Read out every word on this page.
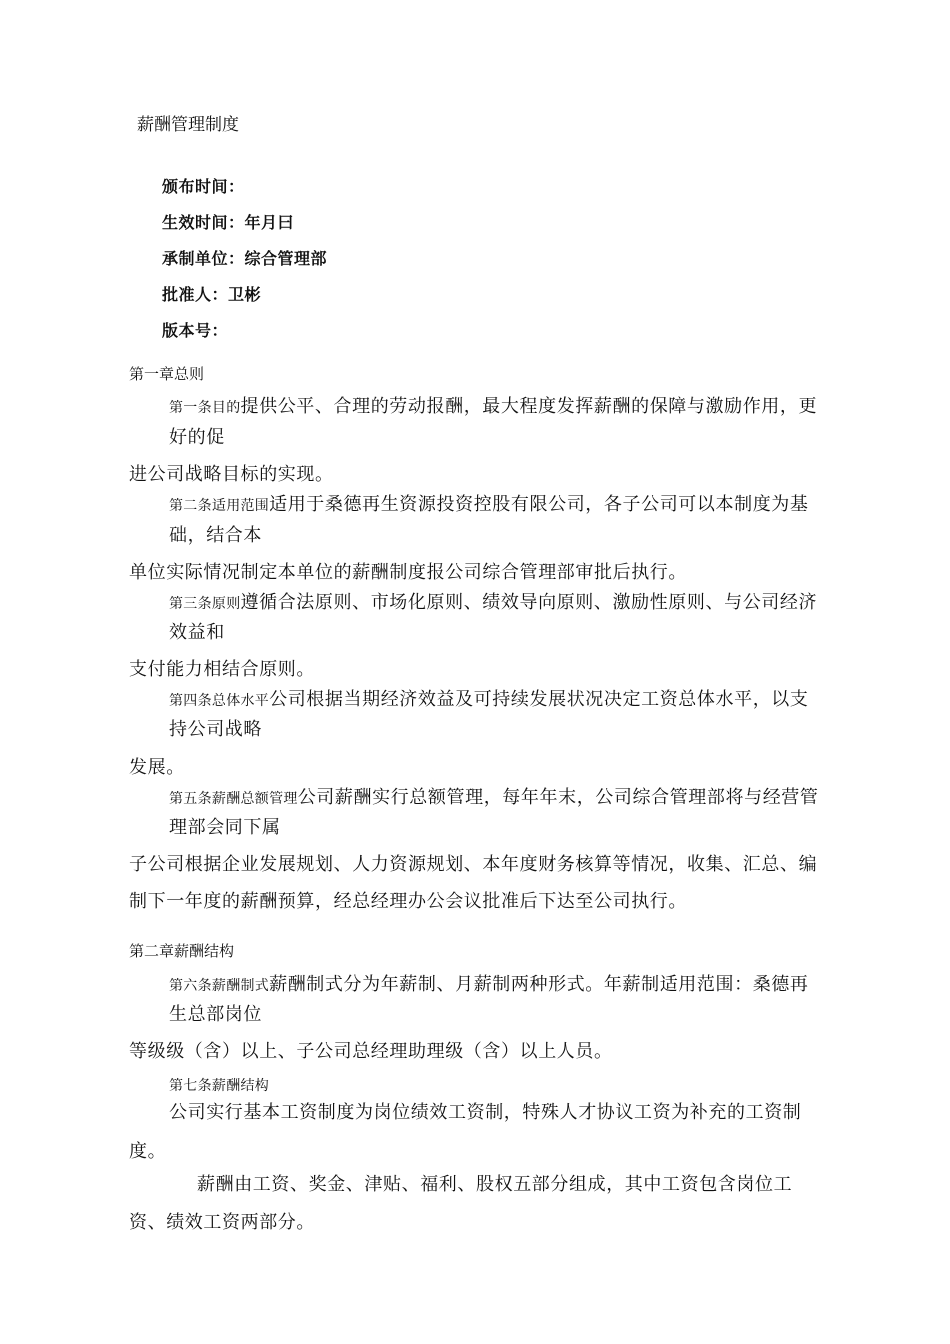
薪酬管理制度
颁布时间：
生效时间：年月曰
承制单位：综合管理部
批准人：卫彬
版本号：
第一章总则
第一条目的提供公平、合理的劳动报酬，最大程度发挥薪酬的保障与激励作用，更
好的促
进公司战略目标的实现。
第二条适用范围适用于桑德再生资源投资控股有限公司，各子公司可以本制度为基
础，结合本
单位实际情况制定本单位的薪酬制度报公司综合管理部审批后执行。
第三条原则遵循合法原则、市场化原则、绩效导向原则、激励性原则、与公司经济
效益和
支付能力相结合原则。
第四条总体水平公司根据当期经济效益及可持续发展状况决定工资总体水平，以支
持公司战略
发展。
第五条薪酬总额管理公司薪酬实行总额管理，每年年末，公司综合管理部将与经营管
理部会同下属
子公司根据企业发展规划、人力资源规划、本年度财务核算等情况，收集、汇总、编
制下一年度的薪酬预算，经总经理办公会议批准后下达至公司执行。
第二章薪酬结构
第六条薪酬制式薪酬制式分为年薪制、月薪制两种形式。年薪制适用范围：桑德再
生总部岗位
等级级（含）以上、子公司总经理助理级（含）以上人员。
第七条薪酬结构
公司实行基本工资制度为岗位绩效工资制，特殊人才协议工资为补充的工资制
度。
薪酬由工资、奖金、津贴、福利、股权五部分组成，其中工资包含岗位工
资、绩效工资两部分。
